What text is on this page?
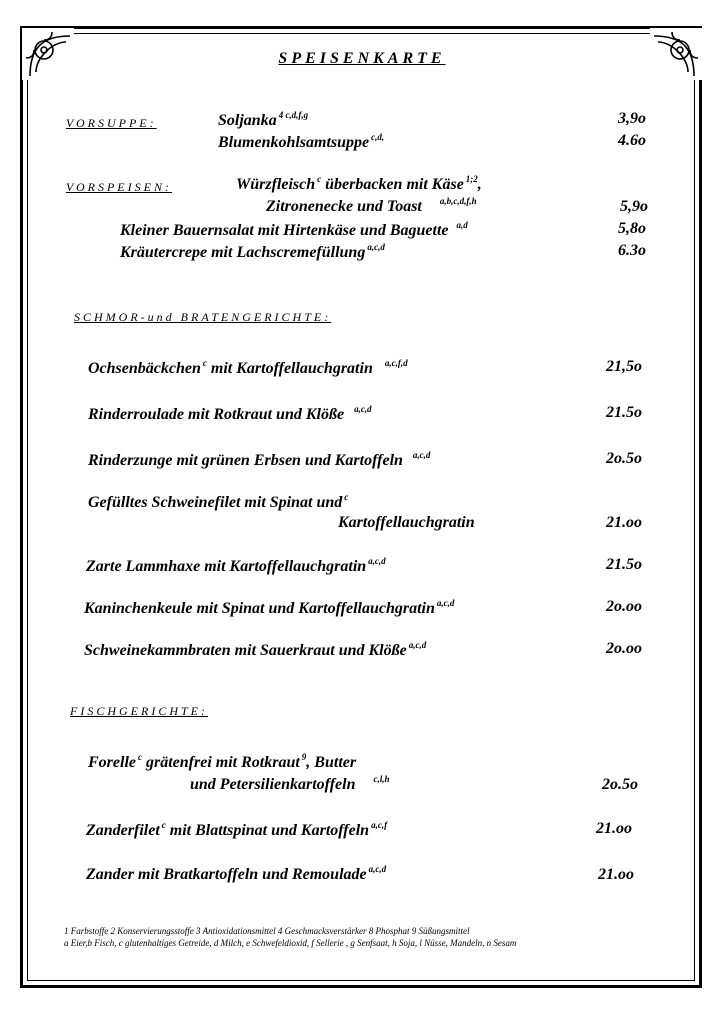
SPEISENKARTE
VORSUPPE:	Soljanka $^{4 c,d,f,g}$	3,9o
Blumenkohlsamtsuppe $^{c,d,}$	4.6o
VORSPEISEN:	Würzfleisch $^c$ überbacken mit Käse $^{1;2}$,
Zitronenecke und Toast $^{a,b,c,d,f,h}$	5,9o
Kleiner Bauernsalat mit Hirtenkäse und Baguette $^{a,d}$	5,8o
Kräutercrepe mit Lachscremefüllung $^{a,c,d}$	6.3o
SCHMOR-und BRATENGERICHTE:
Ochsenbäckchen $^c$ mit Kartoffellauchgratin $^{a,c,f,d}$	21,5o
Rinderroulade mit Rotkraut und Klöße $^{a,c,d}$	21.5o
Rinderzunge mit grünen Erbsen und Kartoffeln $^{a,c,d}$	2o.5o
Gefülltes Schweinefilet mit Spinat und $^c$
Kartoffellauchgratin	21.oo
Zarte Lammhaxe mit Kartoffellauchgratin $^{a,c,d}$	21.5o
Kaninchenkeule mit Spinat und Kartoffellauchgratin $^{a,c,d}$	2o.oo
Schweinekammbraten mit Sauerkraut und Klöße $^{a,c,d}$	2o.oo
FISCHGERICHTE:
Forelle $^c$ grätenfrei mit Rotkraut $^9$, Butter
und Petersilienkartoffeln $^{c,l,h}$	2o.5o
Zanderfilet $^c$ mit Blattspinat und Kartoffeln $^{a,c,f}$	21.oo
Zander mit Bratkartoffeln und Remoulade $^{a,c,d}$	21.oo
1 Farbstoffe 2 Konservierungsstoffe 3 Antioxidationsmittel 4 Geschmacksverstärker 8 Phosphat 9 Süßungsmittel
a Eier,b Fisch, c glutenhaltiges Getreide, d Milch, e Schwefeldioxid, f Sellerie , g Senfsaat, h Soja, l Nüsse, Mandeln, n Sesam
